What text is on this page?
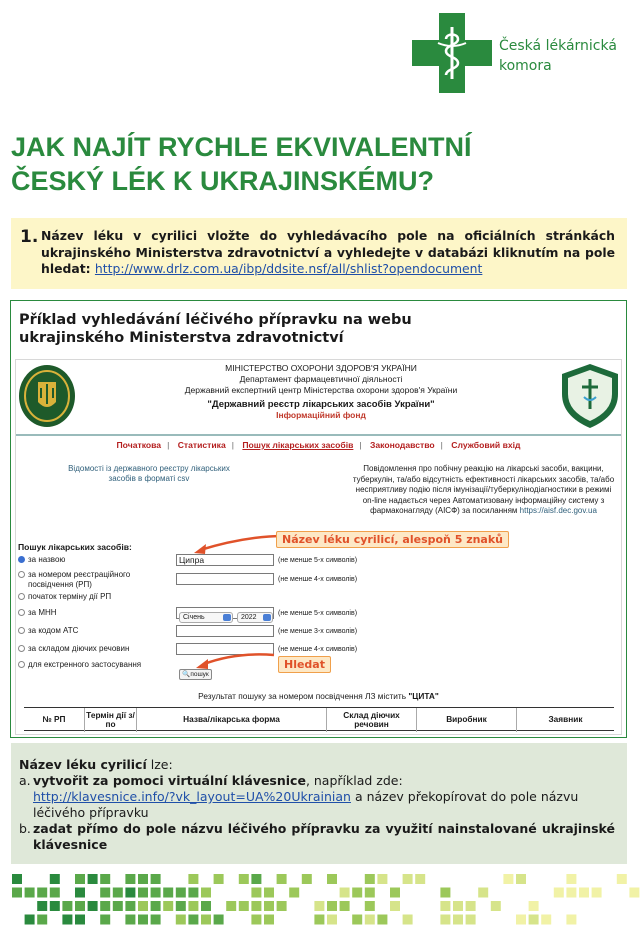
Česká lékárnická
komora
JAK NAJÍT RYCHLE EKVIVALENTNÍ
ČESKÝ LÉK K UKRAJINSKÉMU?
1. Název léku v cyrilici vložte do vyhledávacího pole na oficiálních stránkách ukrajinského Ministerstva zdravotnictví a vyhledejte v databázi kliknutím na pole hledat: http://www.drlz.com.ua/ibp/ddsite.nsf/all/shlist?opendocument
Příklad vyhledávání léčivého přípravku na webu
ukrajinského Ministerstva zdravotnictví
МІНІСТЕРСТВО ОХОРОНИ ЗДОРОВ'Я УКРАЇНИ
Департамент фармацевтичної діяльності
Державний експертний центр Міністерства охорони здоров'я України
"Державний реєстр лікарських засобів України"
Інформаційний фонд
Початкова | Статистика | Пошук лікарських засобів | Законодавство | Службовий вхід
Відомості із державного реєстру лікарських засобів в форматі csv
Повідомлення про побічну реакцію на лікарські засоби, вакцини, туберкулін, та/або відсутність ефективності лікарських засобів, та/або несприятливу подію після імунізації/туберкулінодіагностики в режимі on-line надається через Автоматизовану інформаційну систему з фармаконагляду (АІСФ) за посиланням https://aisf.dec.gov.ua
Пошук лікарських засобів:
за назвою	Ципра	(не менше 5-х символів)
за номером реєстраційного посвідчення (РП)
(не менше 4-х символів)
початок терміну дії РП
за МНН	(не менше 5-х символів)
за кодом АТС	(не менше 3-х символів)
за складом діючих речовин	(не менше 4-х символів)
для екстренного застосування
Січень	2022
🔍пошук
Název léku cyrilicí, alespoň 5 znaků
Hledat
Результат пошуку за номером посвідчення ЛЗ містить "ЦИТА"
№ РП	Термін дії з/по	Назва/лікарська форма	Склад діючих речовин	Виробник	Заявник
Název léku cyrilicí lze:
a. vytvořit za pomoci virtuální klávesnice, například zde:
http://klavesnice.info/?vk_layout=UA%20Ukrainian a název překopírovat do pole názvu léčivého přípravku
b. zadat přímo do pole názvu léčivého přípravku za využití nainstalované ukrajinské klávesnice
